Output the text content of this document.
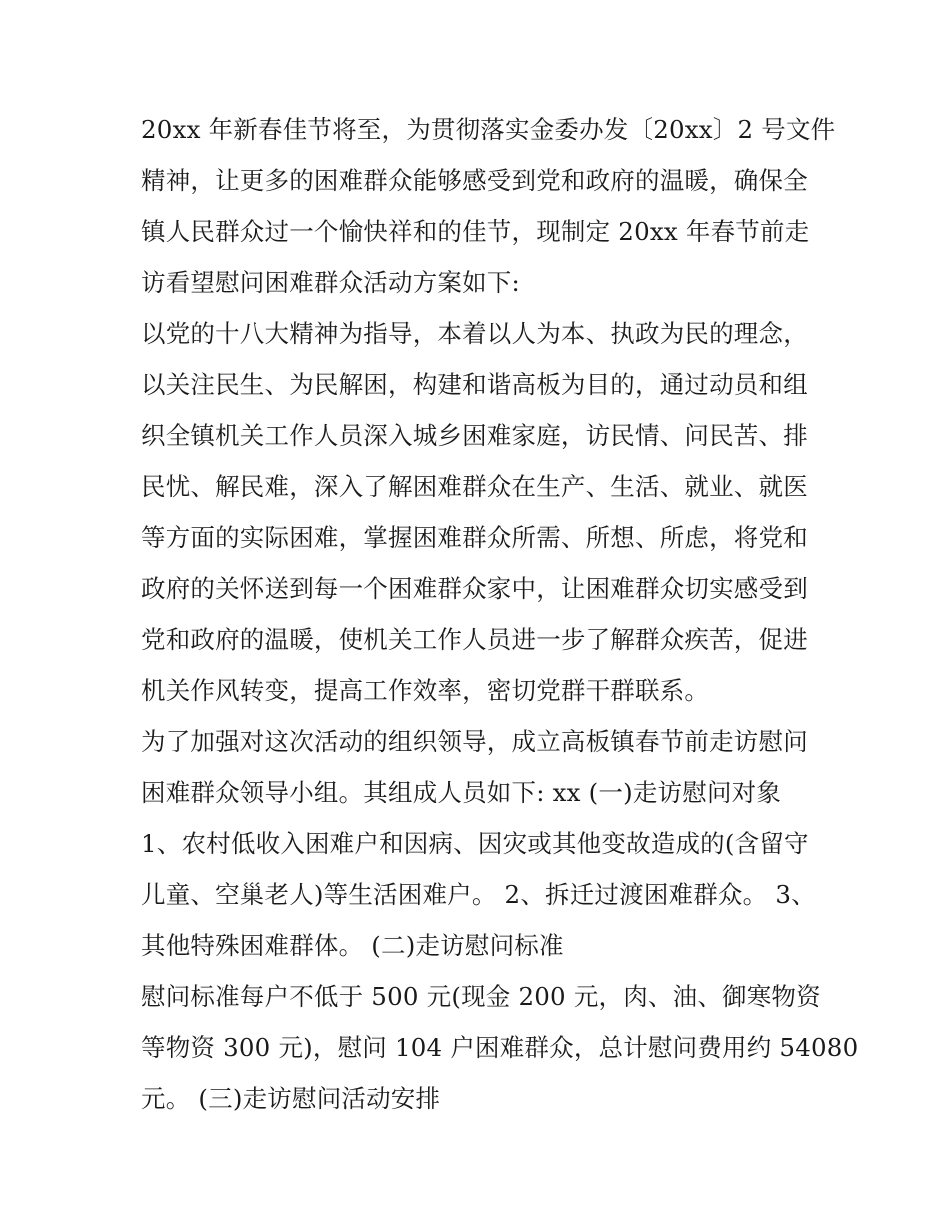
20xx 年新春佳节将至，为贯彻落实金委办发〔20xx〕2 号文件
精神，让更多的困难群众能够感受到党和政府的温暖，确保全
镇人民群众过一个愉快祥和的佳节，现制定 20xx 年春节前走
访看望慰问困难群众活动方案如下:
以党的十八大精神为指导，本着以人为本、执政为民的理念，
以关注民生、为民解困，构建和谐高板为目的，通过动员和组
织全镇机关工作人员深入城乡困难家庭，访民情、问民苦、排
民忧、解民难，深入了解困难群众在生产、生活、就业、就医
等方面的实际困难，掌握困难群众所需、所想、所虑，将党和
政府的关怀送到每一个困难群众家中，让困难群众切实感受到
党和政府的温暖，使机关工作人员进一步了解群众疾苦，促进
机关作风转变，提高工作效率，密切党群干群联系。
为了加强对这次活动的组织领导，成立高板镇春节前走访慰问
困难群众领导小组。其组成人员如下: xx (一)走访慰问对象
1、农村低收入困难户和因病、因灾或其他变故造成的(含留守
儿童、空巢老人)等生活困难户。 2、拆迁过渡困难群众。 3、
其他特殊困难群体。 (二)走访慰问标准
慰问标准每户不低于 500 元(现金 200 元，肉、油、御寒物资
等物资 300 元)，慰问 104 户困难群众，总计慰问费用约 54080
元。 (三)走访慰问活动安排
